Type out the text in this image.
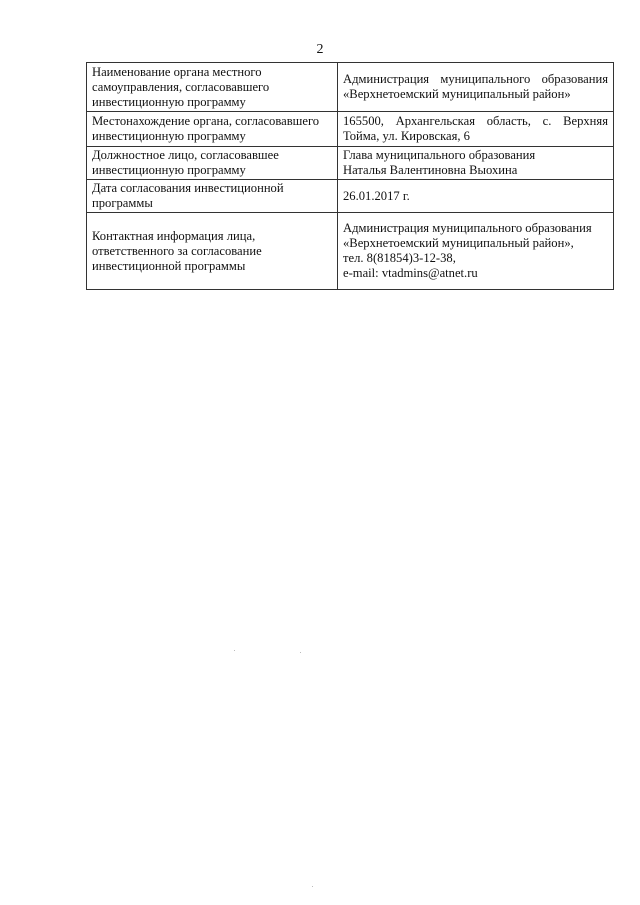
2
Наименование органа местного самоуправления, согласовавшего инвестиционную программу	Администрация муниципального образования «Верхнетоемский муниципальный район»
Местонахождение органа, согласовавшего инвестиционную программу	165500, Архангельская область, с. Верхняя Тойма, ул. Кировская, 6
Должностное лицо, согласовавшее инвестиционную программу	Глава муниципального образования
Наталья Валентиновна Выохина

Дата согласования инвестиционной программы	26.01.2017 г.
Контактная информация лица, ответственного за согласование инвестиционной программы	Администрация муниципального образования «Верхнетоемский муниципальный район»,
тел. 8(81854)3-12-38,
e-mail: vtadmins@atnet.ru
